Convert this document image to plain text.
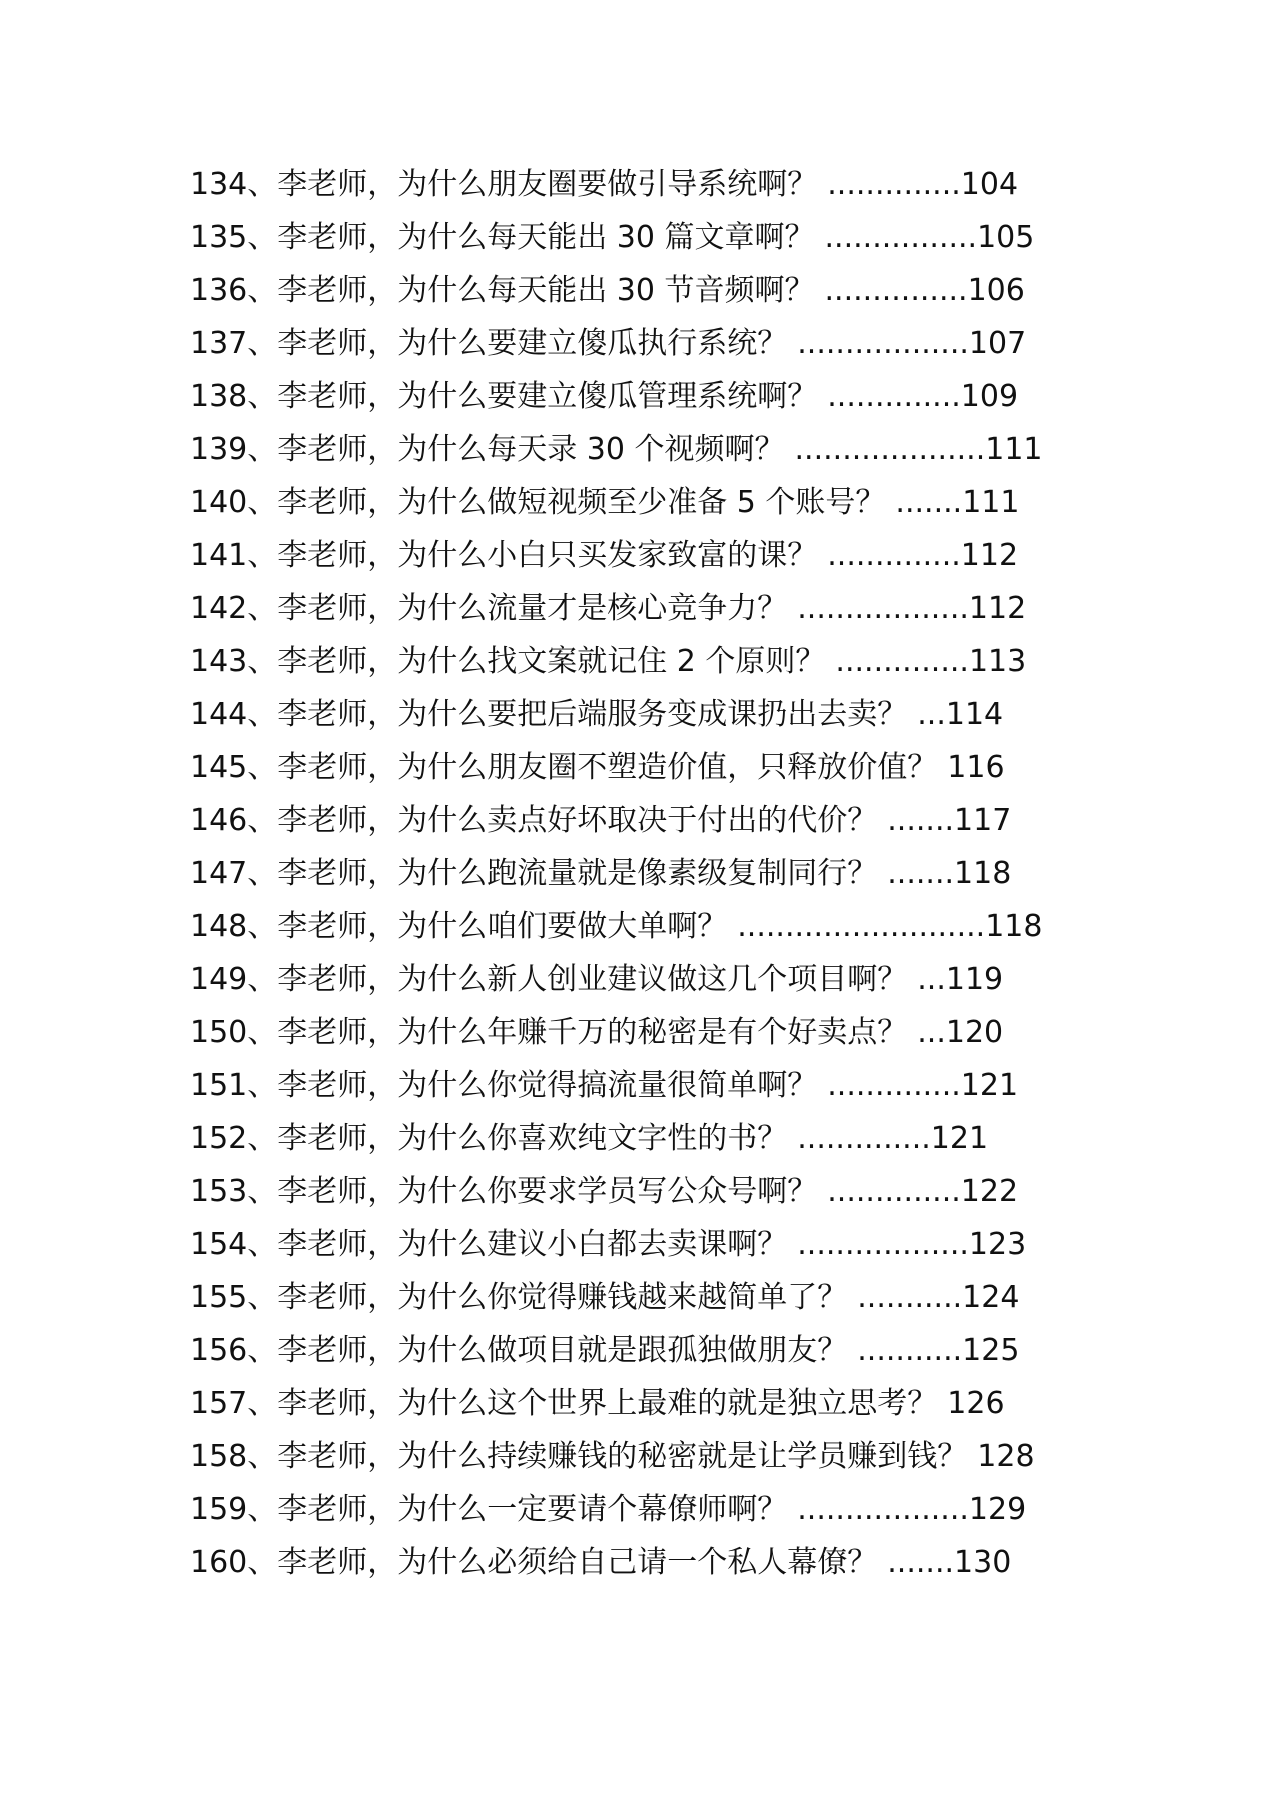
134、李老师，为什么朋友圈要做引导系统啊？ ..............104
135、李老师，为什么每天能出 30 篇文章啊？ ................105
136、李老师，为什么每天能出 30 节音频啊？ ...............106
137、李老师，为什么要建立傻瓜执行系统？ ..................107
138、李老师，为什么要建立傻瓜管理系统啊？ ..............109
139、李老师，为什么每天录 30 个视频啊？ ....................111
140、李老师，为什么做短视频至少准备 5 个账号？ .......111
141、李老师，为什么小白只买发家致富的课？ ..............112
142、李老师，为什么流量才是核心竞争力？ ..................112
143、李老师，为什么找文案就记住 2 个原则？ ..............113
144、李老师，为什么要把后端服务变成课扔出去卖？ ...114
145、李老师，为什么朋友圈不塑造价值，只释放价值？ 116
146、李老师，为什么卖点好坏取决于付出的代价？ .......117
147、李老师，为什么跑流量就是像素级复制同行？ .......118
148、李老师，为什么咱们要做大单啊？ ..........................118
149、李老师，为什么新人创业建议做这几个项目啊？ ...119
150、李老师，为什么年赚千万的秘密是有个好卖点？ ...120
151、李老师，为什么你觉得搞流量很简单啊？ ..............121
152、李老师，为什么你喜欢纯文字性的书？ ..............121
153、李老师，为什么你要求学员写公众号啊？ ..............122
154、李老师，为什么建议小白都去卖课啊？ ..................123
155、李老师，为什么你觉得赚钱越来越简单了？ ...........124
156、李老师，为什么做项目就是跟孤独做朋友？ ...........125
157、李老师，为什么这个世界上最难的就是独立思考？ 126
158、李老师，为什么持续赚钱的秘密就是让学员赚到钱？ 128
159、李老师，为什么一定要请个幕僚师啊？ ..................129
160、李老师，为什么必须给自己请一个私人幕僚？ .......130
